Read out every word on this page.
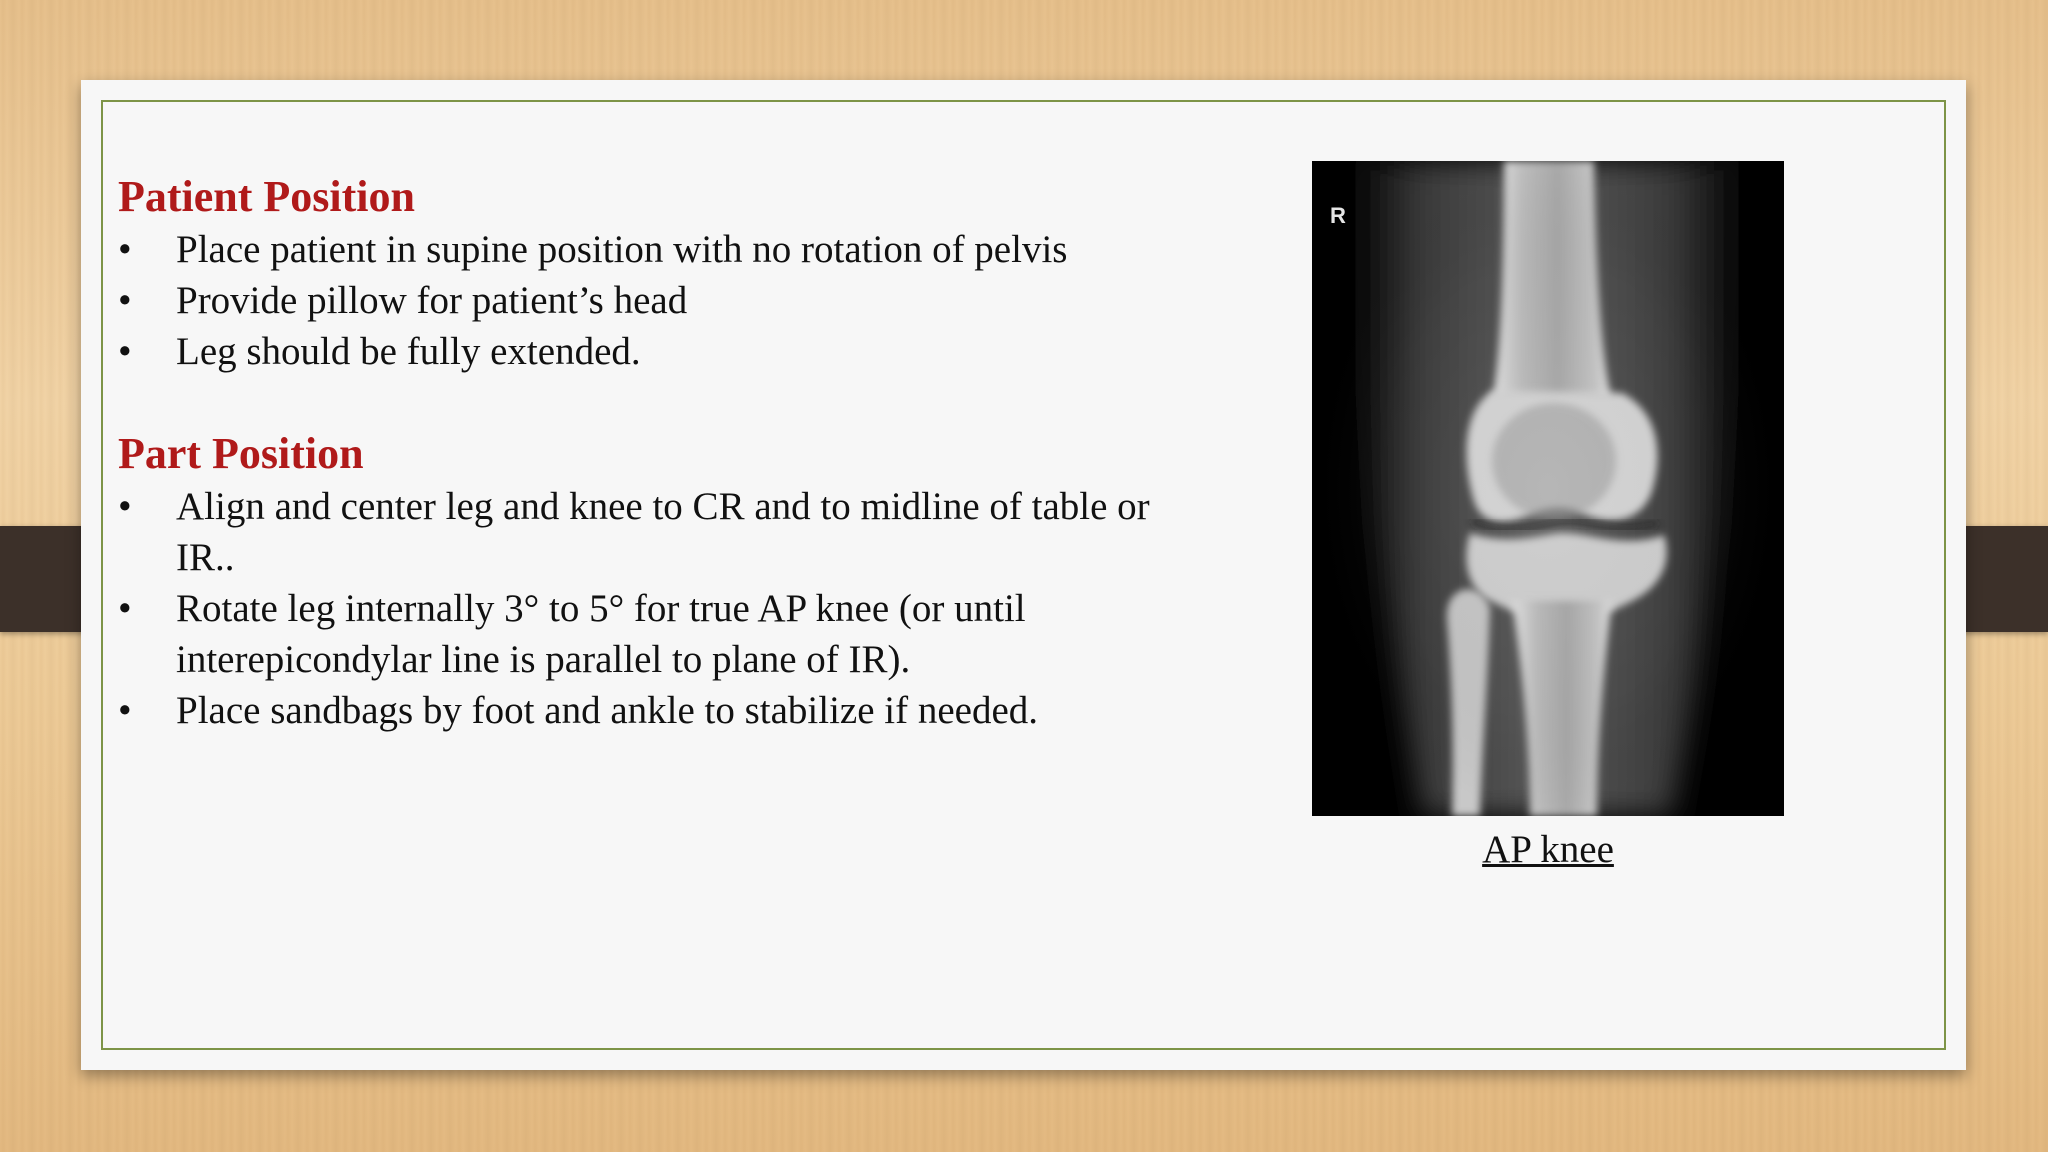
Patient Position
• Place patient in supine position with no rotation of pelvis
• Provide pillow for patient’s head
• Leg should be fully extended.
Part Position
• Align and center leg and knee to CR and to midline of table or IR..
• Rotate leg internally 3° to 5° for true AP knee (or until interepicondylar line is parallel to plane of IR).
• Place sandbags by foot and ankle to stabilize if needed.
R
AP knee
